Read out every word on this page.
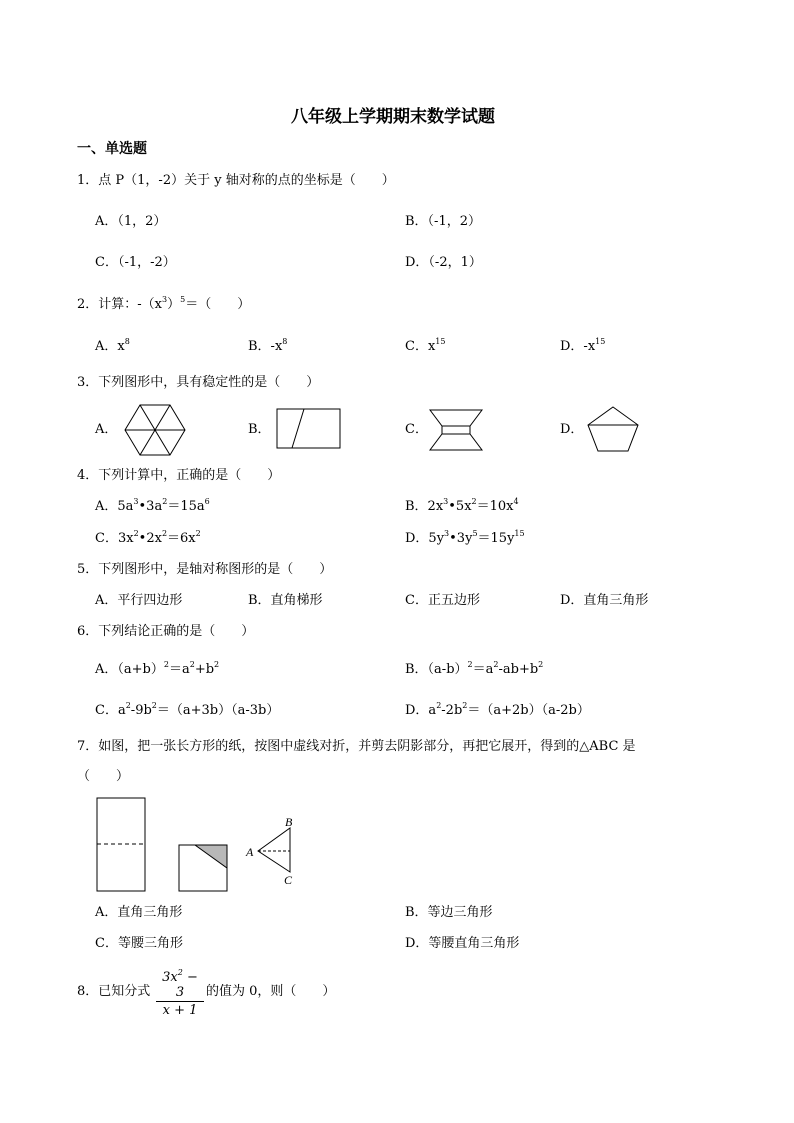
八年级上学期期末数学试题
一、单选题
1．点 P（1，-2）关于 y 轴对称的点的坐标是（　　）
A．（1，2）	B．（-1，2）
C．（-1，-2）	D．（-2，1）
2．计算：$-(x^3)^5=$（　　）
A．$x^8$	B．$-x^8$	C．$x^{15}$	D．$-x^{15}$
3．下列图形中，具有稳定性的是（　　）
A．	B．	C．	D．
4．下列计算中，正确的是（　　）
A．$5a^3•3a^2=15a^6$	B．$2x^3•5x^2=10x^4$
C．$3x^2•2x^2=6x^2$	D．$5y^3•3y^5=15y^{15}$
5．下列图形中，是轴对称图形的是（　　）
A．平行四边形	B．直角梯形	C．正五边形	D．直角三角形
6．下列结论正确的是（　　）
A．$(a+b)^2=a^2+b^2$	B．$(a-b)^2=a^2-ab+b^2$
C．$a^2-9b^2=(a+3b)(a-3b)$	D．$a^2-2b^2=(a+2b)(a-2b)$
7．如图，把一张长方形的纸，按图中虚线对折，并剪去阴影部分，再把它展开，得到的△ABC 是
（　　）
A
B
C
A．直角三角形	B．等边三角形
C．等腰三角形	D．等腰直角三角形
8．已知分式
$3x^2 - 3$
x + 1
的值为 0，则（　　）
